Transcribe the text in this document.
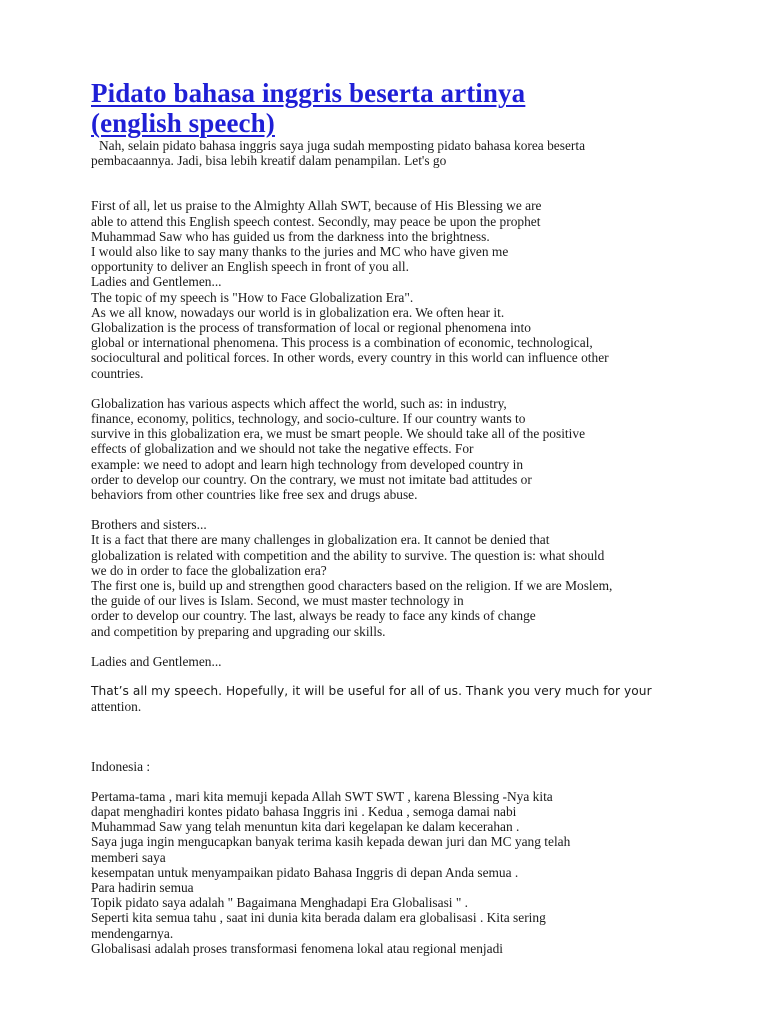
Pidato bahasa inggris beserta artinya
(english speech)
Nah, selain pidato bahasa inggris saya juga sudah memposting pidato bahasa korea beserta
pembacaannya. Jadi, bisa lebih kreatif dalam penampilan. Let's go
First of all, let us praise to the Almighty Allah SWT, because of His Blessing we are
able to attend this English speech contest. Secondly, may peace be upon the prophet
Muhammad Saw who has guided us from the darkness into the brightness.
I would also like to say many thanks to the juries and MC who have given me
opportunity to deliver an English speech in front of you all.
Ladies and Gentlemen...
The topic of my speech is "How to Face Globalization Era".
As we all know, nowadays our world is in globalization era. We often hear it.
Globalization is the process of transformation of local or regional phenomena into
global or international phenomena. This process is a combination of economic, technological,
sociocultural and political forces. In other words, every country in this world can influence other
countries.
Globalization has various aspects which affect the world, such as: in industry,
finance, economy, politics, technology, and socio-culture. If our country wants to
survive in this globalization era, we must be smart people. We should take all of the positive
effects of globalization and we should not take the negative effects. For
example: we need to adopt and learn high technology from developed country in
order to develop our country. On the contrary, we must not imitate bad attitudes or
behaviors from other countries like free sex and drugs abuse.
Brothers and sisters...
It is a fact that there are many challenges in globalization era. It cannot be denied that
globalization is related with competition and the ability to survive. The question is: what should
we do in order to face the globalization era?
The first one is, build up and strengthen good characters based on the religion. If we are Moslem,
the guide of our lives is Islam. Second, we must master technology in
order to develop our country. The last, always be ready to face any kinds of change
and competition by preparing and upgrading our skills.
Ladies and Gentlemen...
That’s all my speech. Hopefully, it will be useful for all of us. Thank you very much for your
attention.
Indonesia :
Pertama-tama , mari kita memuji kepada Allah SWT SWT , karena Blessing -Nya kita
dapat menghadiri kontes pidato bahasa Inggris ini . Kedua , semoga damai nabi
Muhammad Saw yang telah menuntun kita dari kegelapan ke dalam kecerahan .
Saya juga ingin mengucapkan banyak terima kasih kepada dewan juri dan MC yang telah
memberi saya
kesempatan untuk menyampaikan pidato Bahasa Inggris di depan Anda semua .
Para hadirin semua
Topik pidato saya adalah " Bagaimana Menghadapi Era Globalisasi " .
Seperti kita semua tahu , saat ini dunia kita berada dalam era globalisasi . Kita sering
mendengarnya.
Globalisasi adalah proses transformasi fenomena lokal atau regional menjadi
